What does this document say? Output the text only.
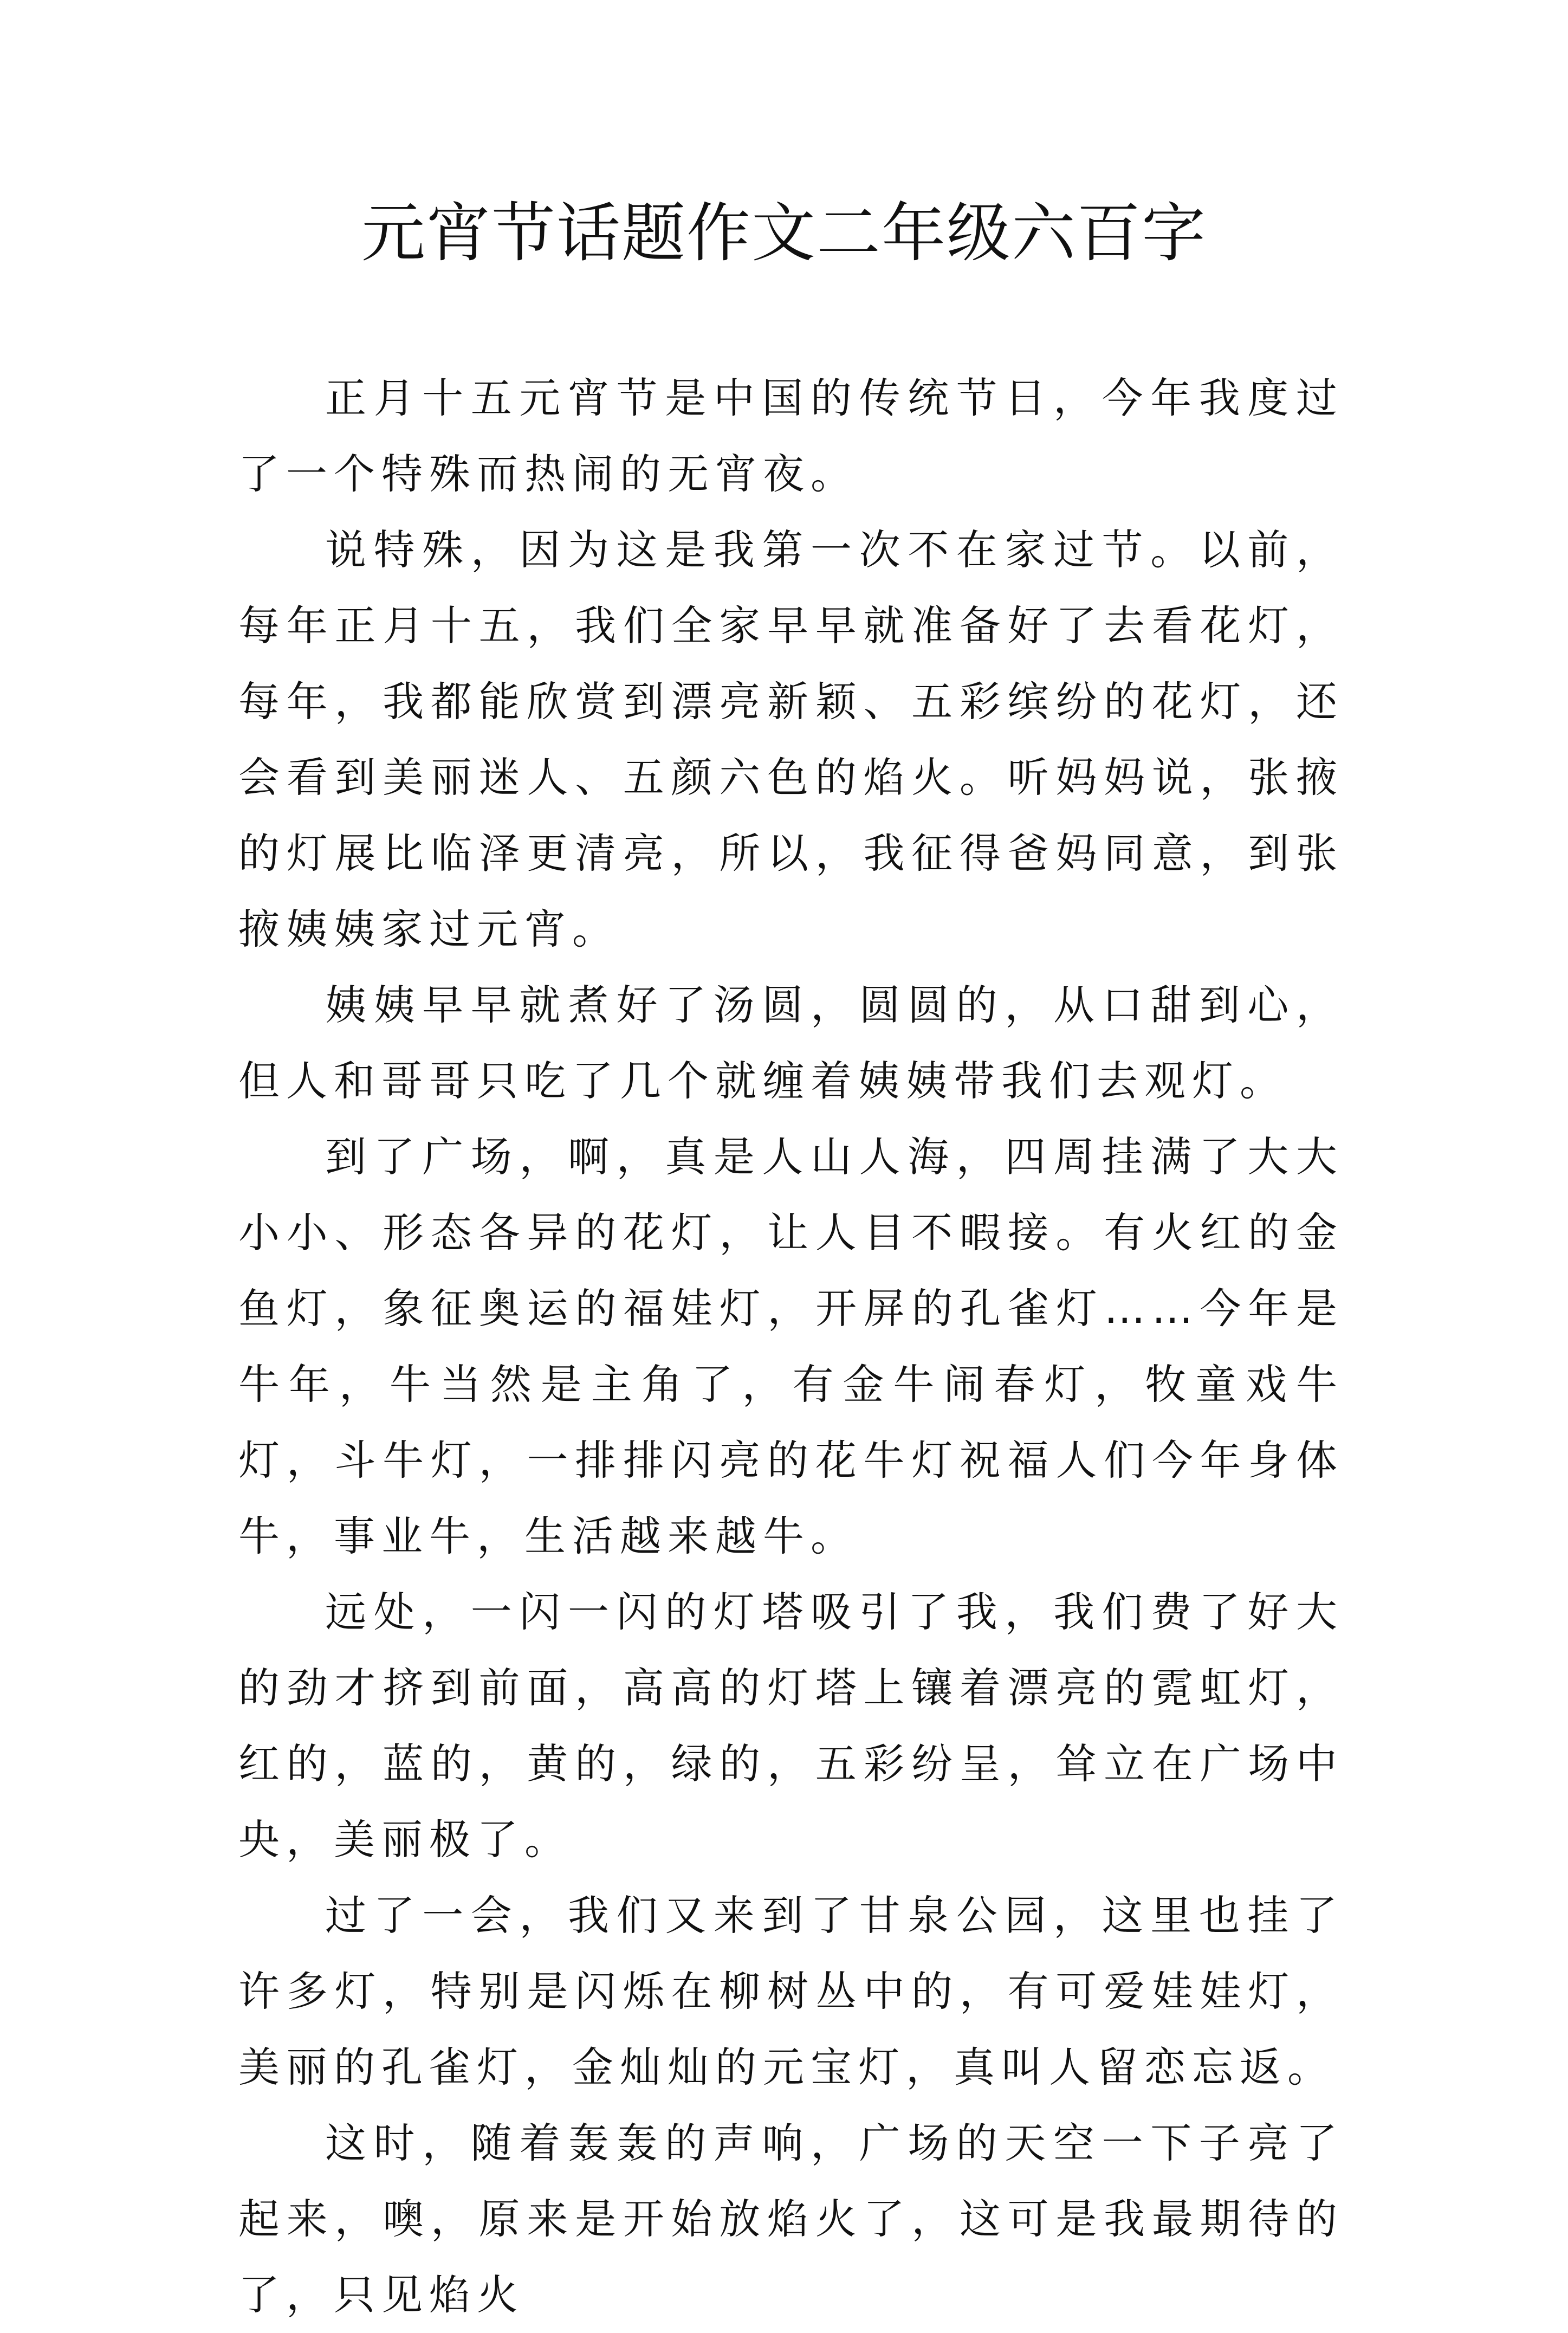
元宵节话题作文二年级六百字

正月十五元宵节是中国的传统节日，今年我度过了一个特殊而热闹的无宵夜。

说特殊，因为这是我第一次不在家过节。以前，每年正月十五，我们全家早早就准备好了去看花灯，每年，我都能欣赏到漂亮新颖、五彩缤纷的花灯，还会看到美丽迷人、五颜六色的焰火。听妈妈说，张掖的灯展比临泽更清亮，所以，我征得爸妈同意，到张掖姨姨家过元宵。

姨姨早早就煮好了汤圆，圆圆的，从口甜到心，但人和哥哥只吃了几个就缠着姨姨带我们去观灯。

到了广场，啊，真是人山人海，四周挂满了大大小小、形态各异的花灯，让人目不暇接。有火红的金鱼灯，象征奥运的福娃灯，开屏的孔雀灯……今年是牛年，牛当然是主角了，有金牛闹春灯，牧童戏牛灯，斗牛灯，一排排闪亮的花牛灯祝福人们今年身体牛，事业牛，生活越来越牛。

远处，一闪一闪的灯塔吸引了我，我们费了好大的劲才挤到前面，高高的灯塔上镶着漂亮的霓虹灯，红的，蓝的，黄的，绿的，五彩纷呈，耸立在广场中央，美丽极了。

过了一会，我们又来到了甘泉公园，这里也挂了许多灯，特别是闪烁在柳树丛中的，有可爱娃娃灯，美丽的孔雀灯，金灿灿的元宝灯，真叫人留恋忘返。

这时，随着轰轰的声响，广场的天空一下子亮了起来，噢，原来是开始放焰火了，这可是我最期待的了，只见焰火
